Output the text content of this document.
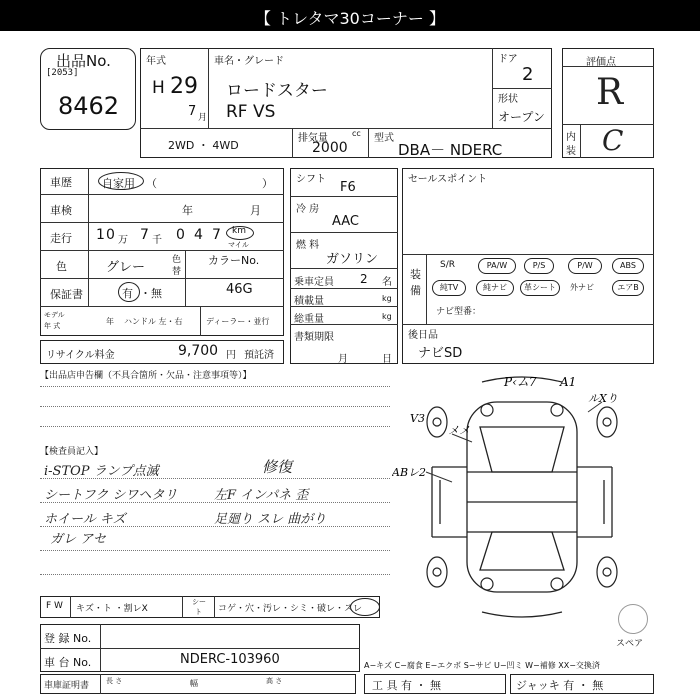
【 トレタマ30コーナー 】
出品No.
[2053]
8462
年式
H 29
7 月
車名・グレード
ロードスター
RF VS
ドア
2
形状
オープン
2WD ・ 4WD
排気量	cc
2000
型式
DBA－ NDERC
評価点
R
内
装 C
車歴	自家用 （	）
車検	年	月
走行 1 0 万 7 千 0 4 7 km
マイル
色	グレー	色
替
カラーNo.
46G
保証書	有 ・無
モデル
年 式	年 ハンドル 左・右	ディーラー・並行
リサイクル料金	9,700 円 預託済
シフト
F6
冷 房
AAC
燃 料
ガソリン
乗車定員 2 名
積載量	kg
総重量	kg
書類期限
月	日
セールスポイント
装
備
S/R	PA/W	P/S	P/W	ABS
純TV	純ナビ	革シート	外ナビ	エアB
ナビ型番：
後日品
ナビSD
【出品店申告欄（不具合箇所・欠品・注意事項等）】
【検査員記入】
i-STOP ランプ点滅	修復
シートフク シワヘタリ	左F インパネ 歪
ホイール キズ	足廻り スレ 曲がり
ガレ アセ
P‹ム7 A1
ルXり
V3
メメ
ABレ2
スペア
F W キズ・ト ・割レX
シー
ト コゲ・穴・汚レ・シミ・破レ・スレ
登 録 No.
車 台 No.	NDERC-103960	A−キズ C−腐食 E−エクボ S−サビ U−凹ミ W−補修 XX−交換済
車庫証明書 長 さ	幅	高 さ	工 具 有 ・ 無	ジャッキ 有 ・ 無
